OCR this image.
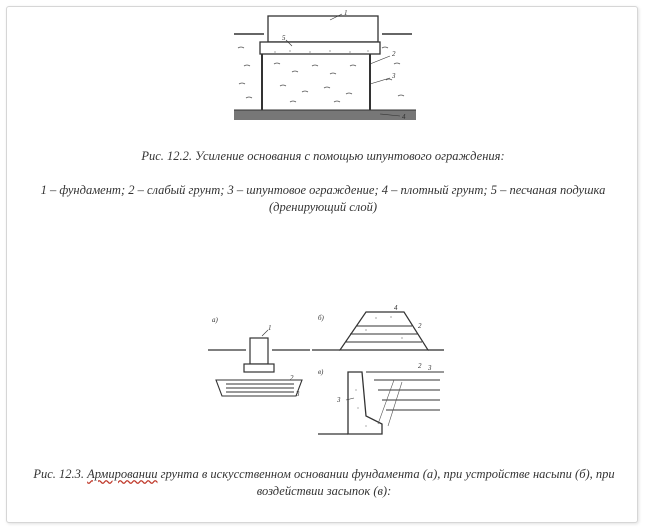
1
5
2
3
4
Рис. 12.2. Усиление основания с помощью шпунтового ограждения:
1 – фундамент; 2 – слабый грунт; 3 – шпунтовое ограждение; 4 – плотный грунт; 5 – песчаная подушка (дренирующий слой)
а)
1
2
3
б)
4
2
в)
3
2 3
Рис. 12.3. Армировании грунта в искусственном основании фундамента (а), при устройстве насыпи (б), при воздействии засыпок (в):
